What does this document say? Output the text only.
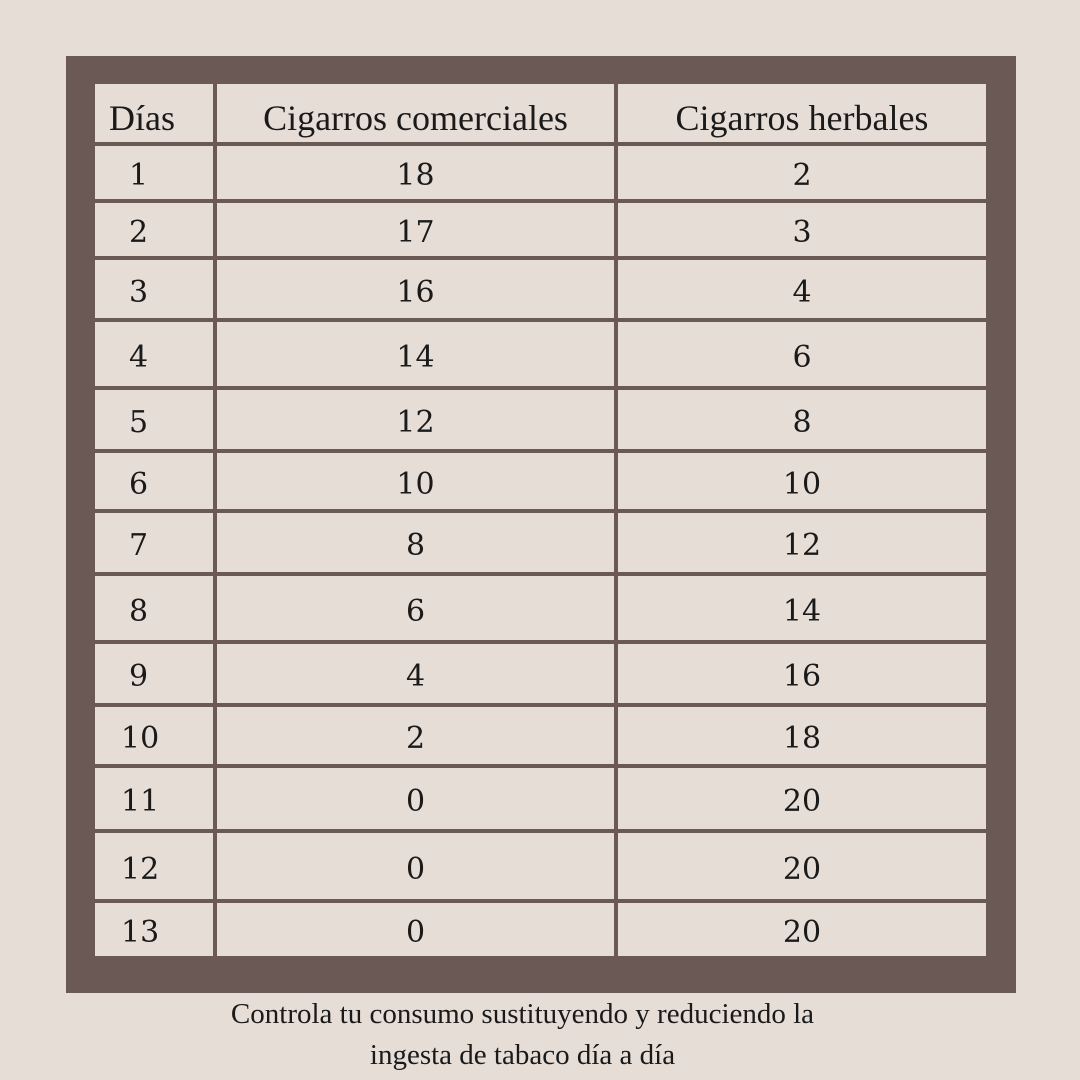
Días	Cigarros comerciales	Cigarros herbales
1	18	2
2	17	3
3	16	4
4	14	6
5	12	8
6	10	10
7	8	12
8	6	14
9	4	16
10	2	18
11	0	20
12	0	20
13	0	20
Controla tu consumo sustituyendo y reduciendo la
ingesta de tabaco día a día
